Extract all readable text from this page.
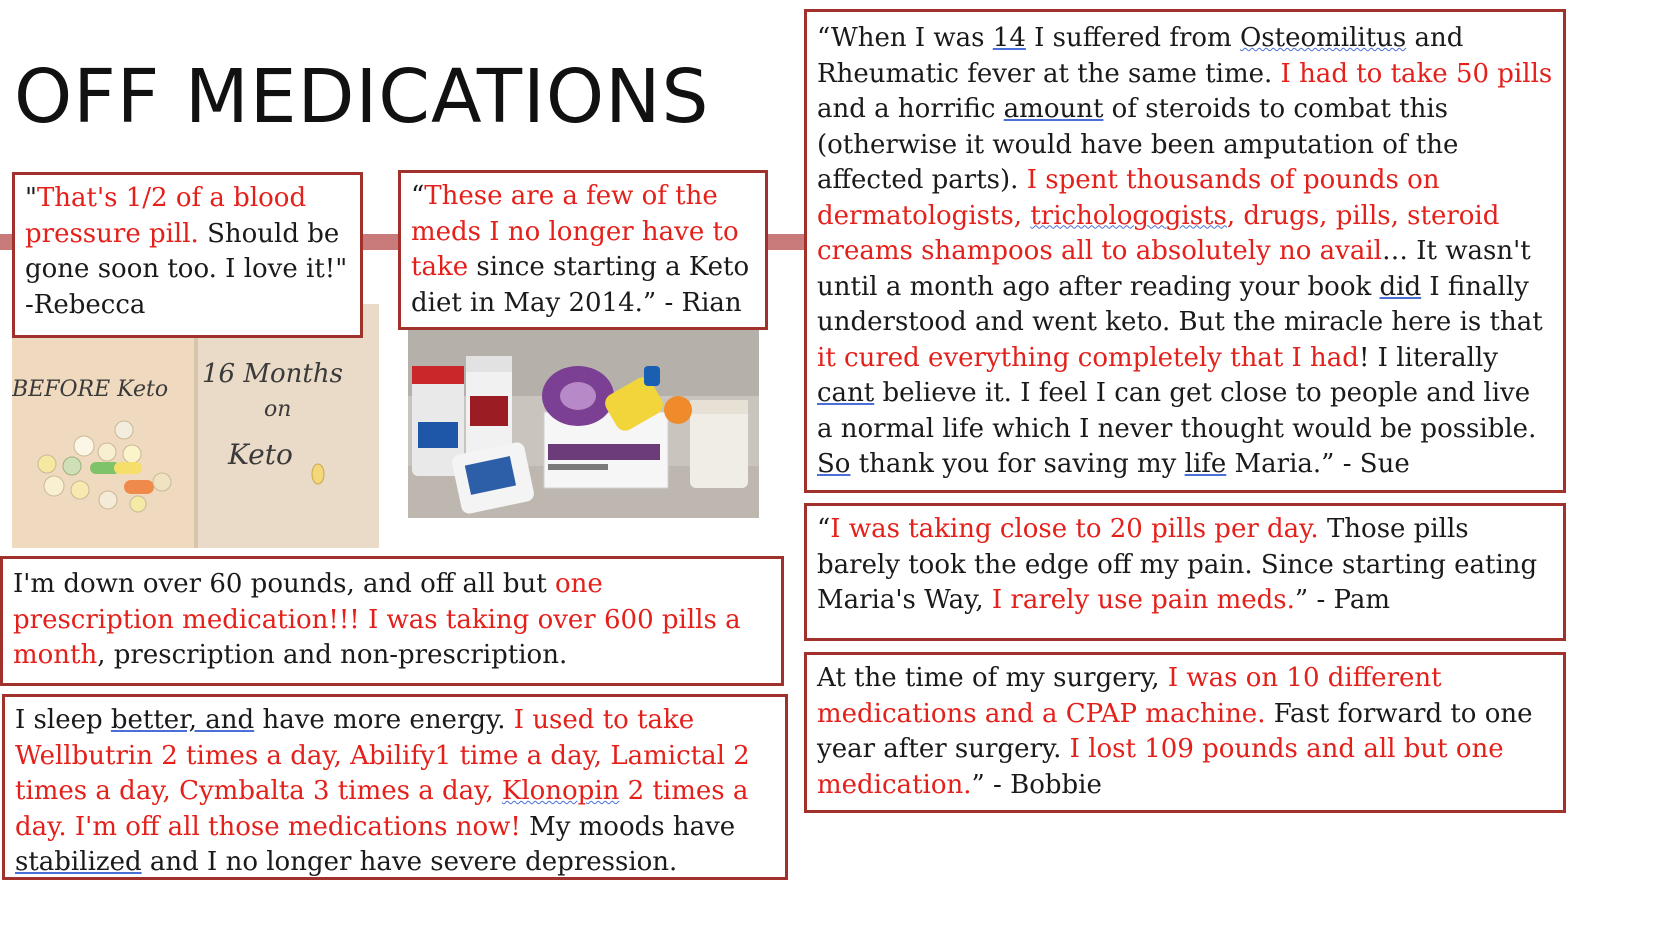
OFF MEDICATIONS
BEFORE Keto
16 Months
on
Keto
"That's 1/2 of a blood pressure pill. Should be gone soon too. I love it!" -Rebecca
“These are a few of the meds I no longer have to take since starting a Keto diet in May 2014.” - Rian
“When I was 14 I suffered from Osteomilitus and Rheumatic fever at the same time. I had to take 50 pills and a horrific amount of steroids to combat this (otherwise it would have been amputation of the affected parts). I spent thousands of pounds on dermatologists, trichologogists, drugs, pills, steroid creams shampoos all to absolutely no avail… It wasn't until a month ago after reading your book did I finally understood and went keto. But the miracle here is that it cured everything completely that I had! I literally cant believe it. I feel I can get close to people and live a normal life which I never thought would be possible. So thank you for saving my life Maria.” - Sue
“I was taking close to 20 pills per day. Those pills barely took the edge off my pain. Since starting eating Maria's Way, I rarely use pain meds.” - Pam
At the time of my surgery, I was on 10 different medications and a CPAP machine. Fast forward to one year after surgery. I lost 109 pounds and all but one medication.” - Bobbie
I'm down over 60 pounds, and off all but one prescription medication!!! I was taking over 600 pills a month, prescription and non-prescription.
I sleep better, and have more energy. I used to take Wellbutrin 2 times a day, Abilify1 time a day, Lamictal 2 times a day, Cymbalta 3 times a day, Klonopin 2 times a day. I'm off all those medications now! My moods have stabilized and I no longer have severe depression.
